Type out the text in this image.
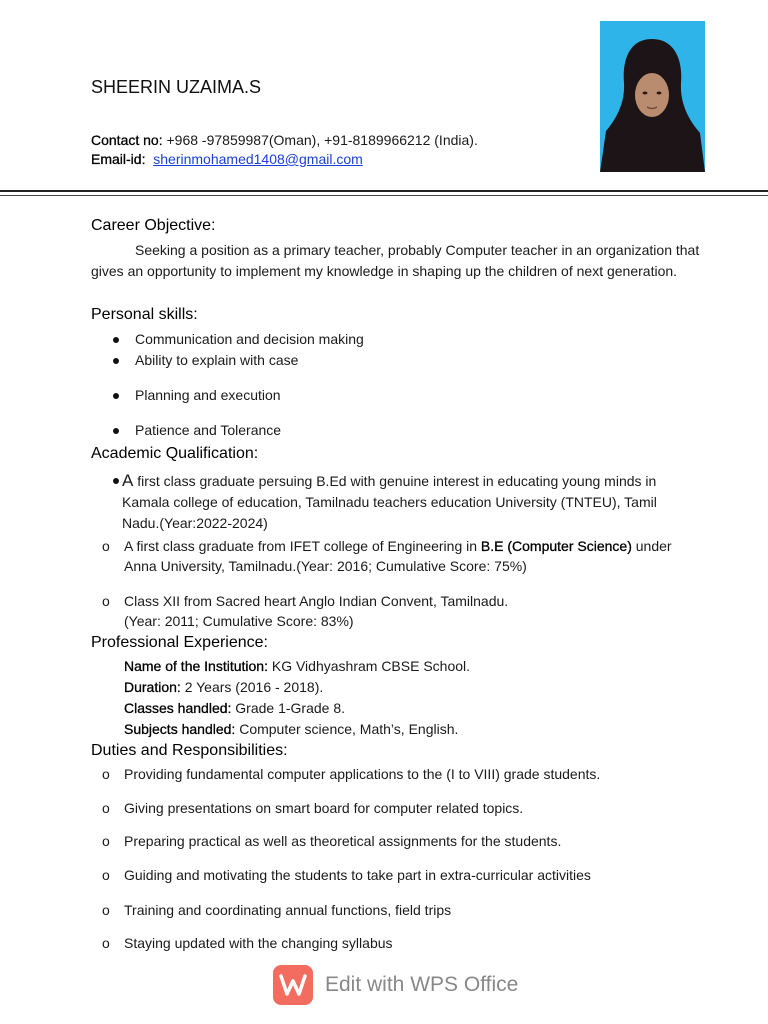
SHEERIN UZAIMA.S
Contact no: +968 -97859987(Oman), +91-8189966212 (India).
Email-id: sherinmohamed1408@gmail.com
Career Objective:
Seeking a position as a primary teacher, probably Computer teacher in an organization that gives an opportunity to implement my knowledge in shaping up the children of next generation.
Personal skills:
Communication and decision making
Ability to explain with case
Planning and execution
Patience and Tolerance
Academic Qualification:
A first class graduate persuing B.Ed with genuine interest in educating young minds in
Kamala college of education, Tamilnadu teachers education University (TNTEU), Tamil
Nadu.(Year:2022-2024)
o A first class graduate from IFET college of Engineering in B.E (Computer Science) under
Anna University, Tamilnadu.(Year: 2016; Cumulative Score: 75%)
o Class XII from Sacred heart Anglo Indian Convent, Tamilnadu.
(Year: 2011; Cumulative Score: 83%)
Professional Experience:
Name of the Institution: KG Vidhyashram CBSE School.
Duration: 2 Years (2016 - 2018).
Classes handled: Grade 1-Grade 8.
Subjects handled: Computer science, Math’s, English.
Duties and Responsibilities:
o Providing fundamental computer applications to the (I to VIII) grade students.
o Giving presentations on smart board for computer related topics.
o Preparing practical as well as theoretical assignments for the students.
o Guiding and motivating the students to take part in extra-curricular activities
o Training and coordinating annual functions, field trips
o Staying updated with the changing syllabus
Edit with WPS Office
